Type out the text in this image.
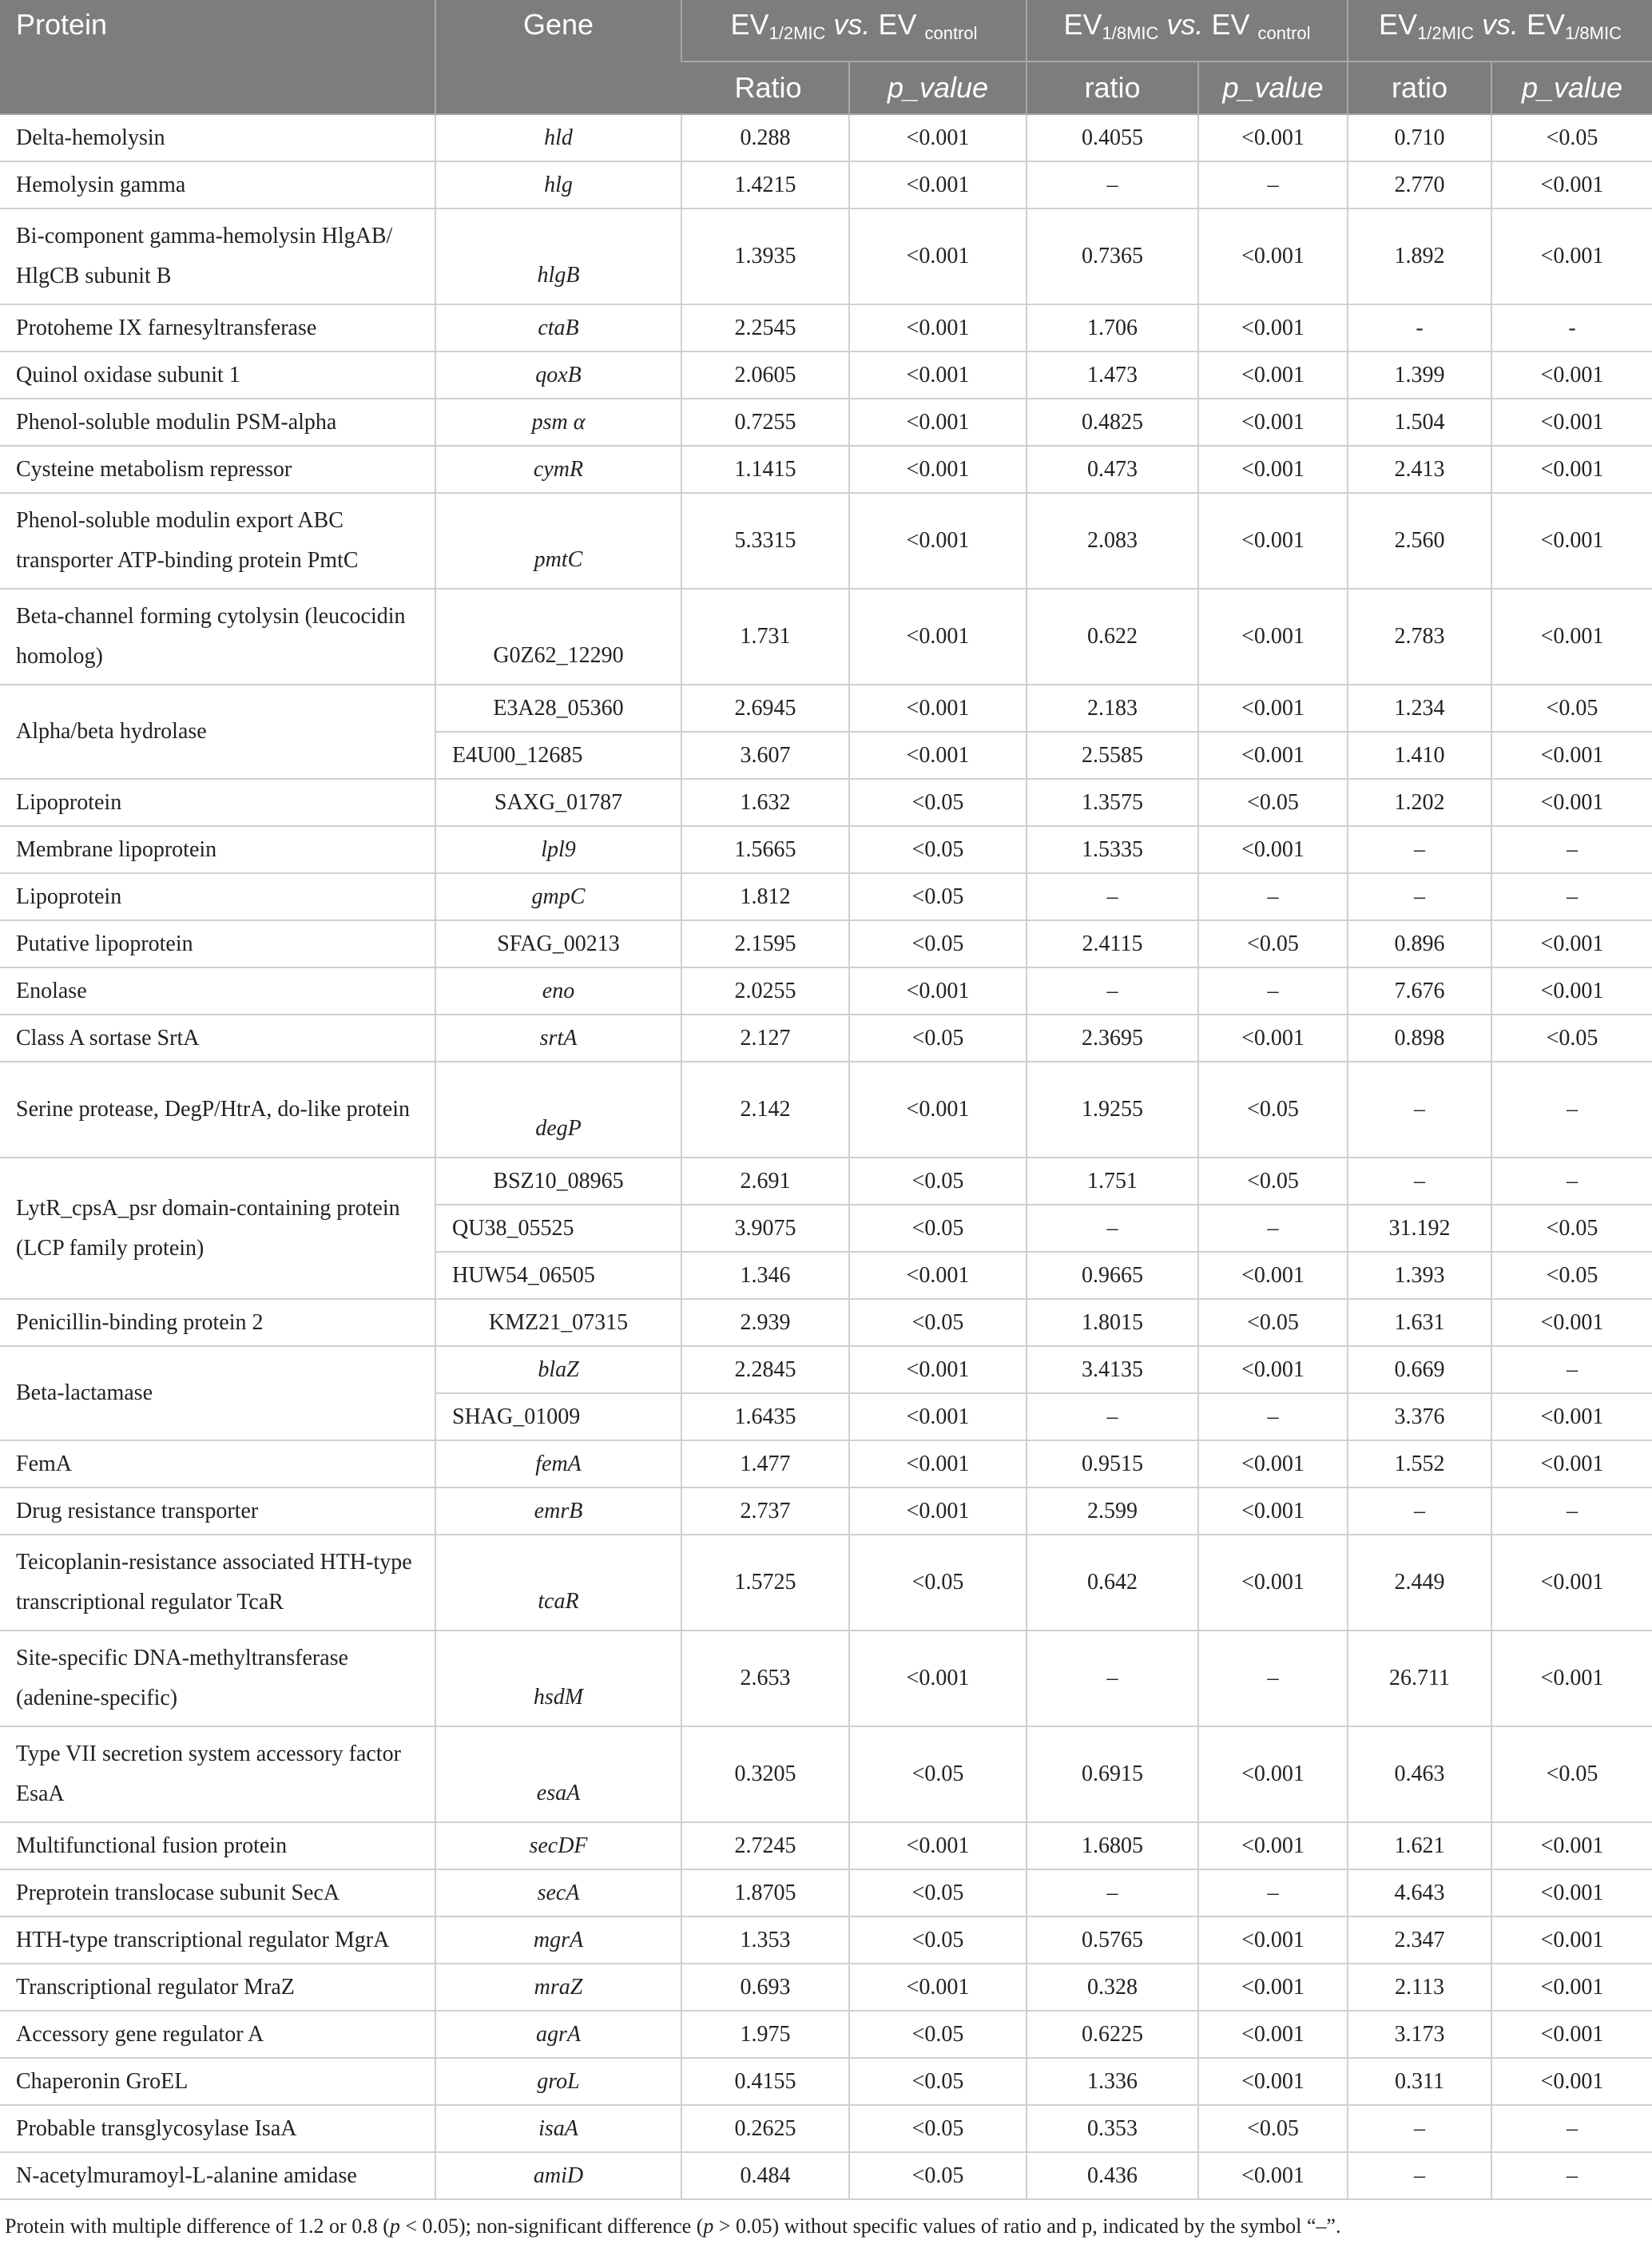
Protein	Gene	EV1/2MIC vs. EV control		EV1/8MIC vs. EV control		EV1/2MIC vs. EV1/8MIC	
		Ratio	p_value	ratio	p_value	ratio	p_value
Delta-hemolysin	hld	0.288	<0.001	0.4055	<0.001	0.710	<0.05
Hemolysin gamma	hlg	1.4215	<0.001	–	–	2.770	<0.001
Bi-component gamma-hemolysin HlgAB/ HlgCB subunit B	hlgB	1.3935	<0.001	0.7365	<0.001	1.892	<0.001
Protoheme IX farnesyltransferase	ctaB	2.2545	<0.001	1.706	<0.001	-	-
Quinol oxidase subunit 1	qoxB	2.0605	<0.001	1.473	<0.001	1.399	<0.001
Phenol-soluble modulin PSM-alpha	psm α	0.7255	<0.001	0.4825	<0.001	1.504	<0.001
Cysteine metabolism repressor	cymR	1.1415	<0.001	0.473	<0.001	2.413	<0.001
Phenol-soluble modulin export ABC transporter ATP-binding protein PmtC	pmtC	5.3315	<0.001	2.083	<0.001	2.560	<0.001
Beta-channel forming cytolysin (leucocidin homolog)	G0Z62_12290	1.731	<0.001	0.622	<0.001	2.783	<0.001
Alpha/beta hydrolase	E3A28_05360	2.6945	<0.001	2.183	<0.001	1.234	<0.05
	E4U00_12685	3.607	<0.001	2.5585	<0.001	1.410	<0.001
Lipoprotein	SAXG_01787	1.632	<0.05	1.3575	<0.05	1.202	<0.001
Membrane lipoprotein	lpl9	1.5665	<0.05	1.5335	<0.001	–	–
Lipoprotein	gmpC	1.812	<0.05	–	–	–	–
Putative lipoprotein	SFAG_00213	2.1595	<0.05	2.4115	<0.05	0.896	<0.001
Enolase	eno	2.0255	<0.001	–	–	7.676	<0.001
Class A sortase SrtA	srtA	2.127	<0.05	2.3695	<0.001	0.898	<0.05
Serine protease, DegP/HtrA, do-like protein	degP	2.142	<0.001	1.9255	<0.05	–	–
LytR_cpsA_psr domain-containing protein (LCP family protein)	BSZ10_08965	2.691	<0.05	1.751	<0.05	–	–
	QU38_05525	3.9075	<0.05	–	–	31.192	<0.05
	HUW54_06505	1.346	<0.001	0.9665	<0.001	1.393	<0.05
Penicillin-binding protein 2	KMZ21_07315	2.939	<0.05	1.8015	<0.05	1.631	<0.001
Beta-lactamase	blaZ	2.2845	<0.001	3.4135	<0.001	0.669	–
	SHAG_01009	1.6435	<0.001	–	–	3.376	<0.001
FemA	femA	1.477	<0.001	0.9515	<0.001	1.552	<0.001
Drug resistance transporter	emrB	2.737	<0.001	2.599	<0.001	–	–
Teicoplanin-resistance associated HTH-type transcriptional regulator TcaR	tcaR	1.5725	<0.05	0.642	<0.001	2.449	<0.001
Site-specific DNA-methyltransferase (adenine-specific)	hsdM	2.653	<0.001	–	–	26.711	<0.001
Type VII secretion system accessory factor EsaA	esaA	0.3205	<0.05	0.6915	<0.001	0.463	<0.05
Multifunctional fusion protein	secDF	2.7245	<0.001	1.6805	<0.001	1.621	<0.001
Preprotein translocase subunit SecA	secA	1.8705	<0.05	–	–	4.643	<0.001
HTH-type transcriptional regulator MgrA	mgrA	1.353	<0.05	0.5765	<0.001	2.347	<0.001
Transcriptional regulator MraZ	mraZ	0.693	<0.001	0.328	<0.001	2.113	<0.001
Accessory gene regulator A	agrA	1.975	<0.05	0.6225	<0.001	3.173	<0.001
Chaperonin GroEL	groL	0.4155	<0.05	1.336	<0.001	0.311	<0.001
Probable transglycosylase IsaA	isaA	0.2625	<0.05	0.353	<0.05	–	–
N-acetylmuramoyl-L-alanine amidase	amiD	0.484	<0.05	0.436	<0.001	–	–
Protein with multiple difference of 1.2 or 0.8 (p < 0.05); non-significant difference (p > 0.05) without specific values of ratio and p, indicated by the symbol “–”.
